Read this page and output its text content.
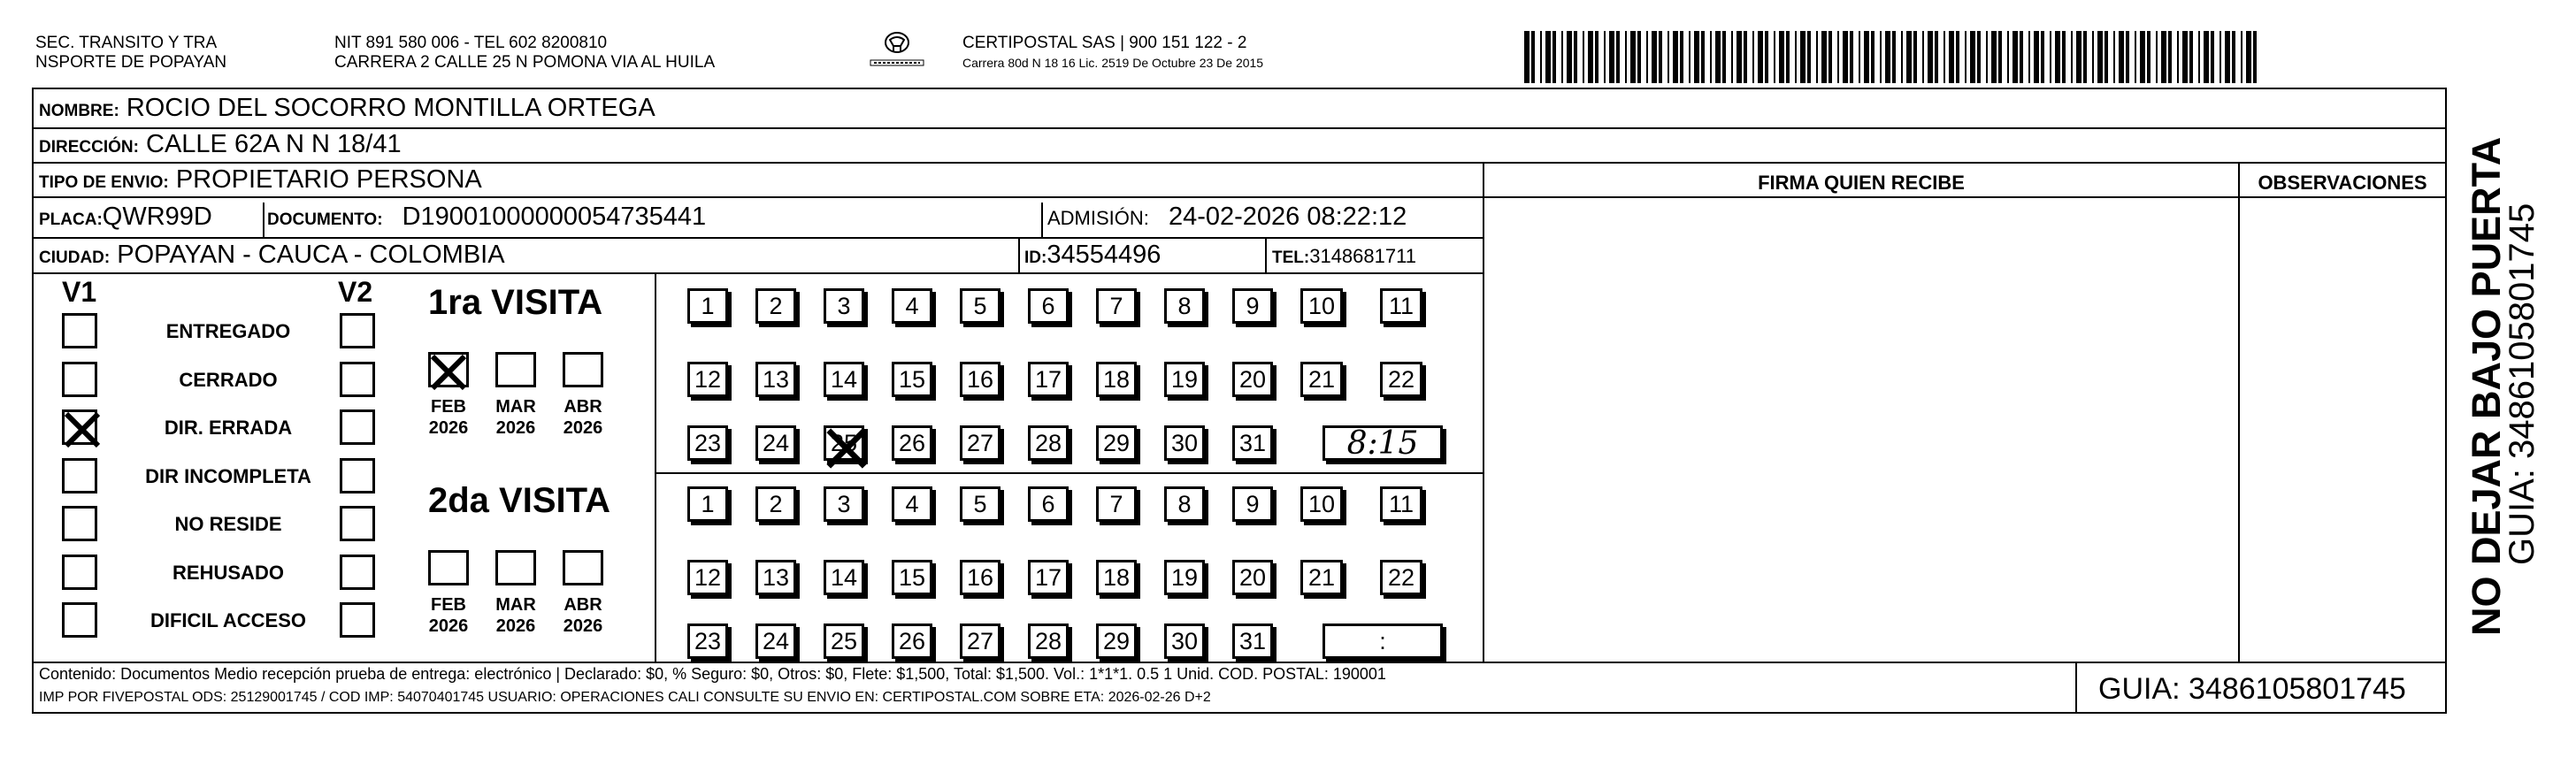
SEC. TRANSITO Y TRA
NSPORTE DE POPAYAN
NIT 891 580 006 - TEL 602 8200810
CARRERA 2 CALLE 25 N POMONA VIA AL HUILA
CERTIPOSTAL SAS | 900 151 122 - 2
Carrera 80d N 18 16 Lic. 2519 De Octubre 23 De 2015
NOMBRE: ROCIO DEL SOCORRO MONTILLA ORTEGA
DIRECCIÓN: CALLE 62A N N 18/41
TIPO DE ENVIO: PROPIETARIO PERSONA
PLACA:QWR99D	DOCUMENTO: D19001000000054735441	ADMISIÓN: 24-02-2026 08:22:12
CIUDAD: POPAYAN - CAUCA - COLOMBIA	ID:34554496	TEL:3148681711
FIRMA QUIEN RECIBE	OBSERVACIONES
V1	V2
ENTREGADO
CERRADO
DIR. ERRADA
DIR INCOMPLETA
NO RESIDE
REHUSADO
DIFICIL ACCESO
1ra VISITA
FEB
2026
MAR
2026
ABR
2026
1	2	3	4	5	6	7	8	9	10	11
12 13 14 15 16 17 18 19 20	21	22
23 24 25 26 27 28 29 30 31	8:15
2da VISITA
FEB
2026
MAR
2026
ABR
2026
1	2	3	4	5	6	7	8	9	10	11
12 13 14 15 16 17 18 19 20	21	22
23 24 25 26 27 28 29 30 31	:
NO DEJAR BAJO PUERTA
GUIA: 3486105801745
Contenido: Documentos Medio recepción prueba de entrega: electrónico | Declarado: $0, % Seguro: $0, Otros: $0, Flete: $1,500, Total: $1,500. Vol.: 1*1*1. 0.5 1 Unid. COD. POSTAL: 190001
IMP POR FIVEPOSTAL ODS: 25129001745 / COD IMP: 54070401745 USUARIO: OPERACIONES CALI CONSULTE SU ENVIO EN: CERTIPOSTAL.COM SOBRE ETA: 2026-02-26 D+2	GUIA: 3486105801745
